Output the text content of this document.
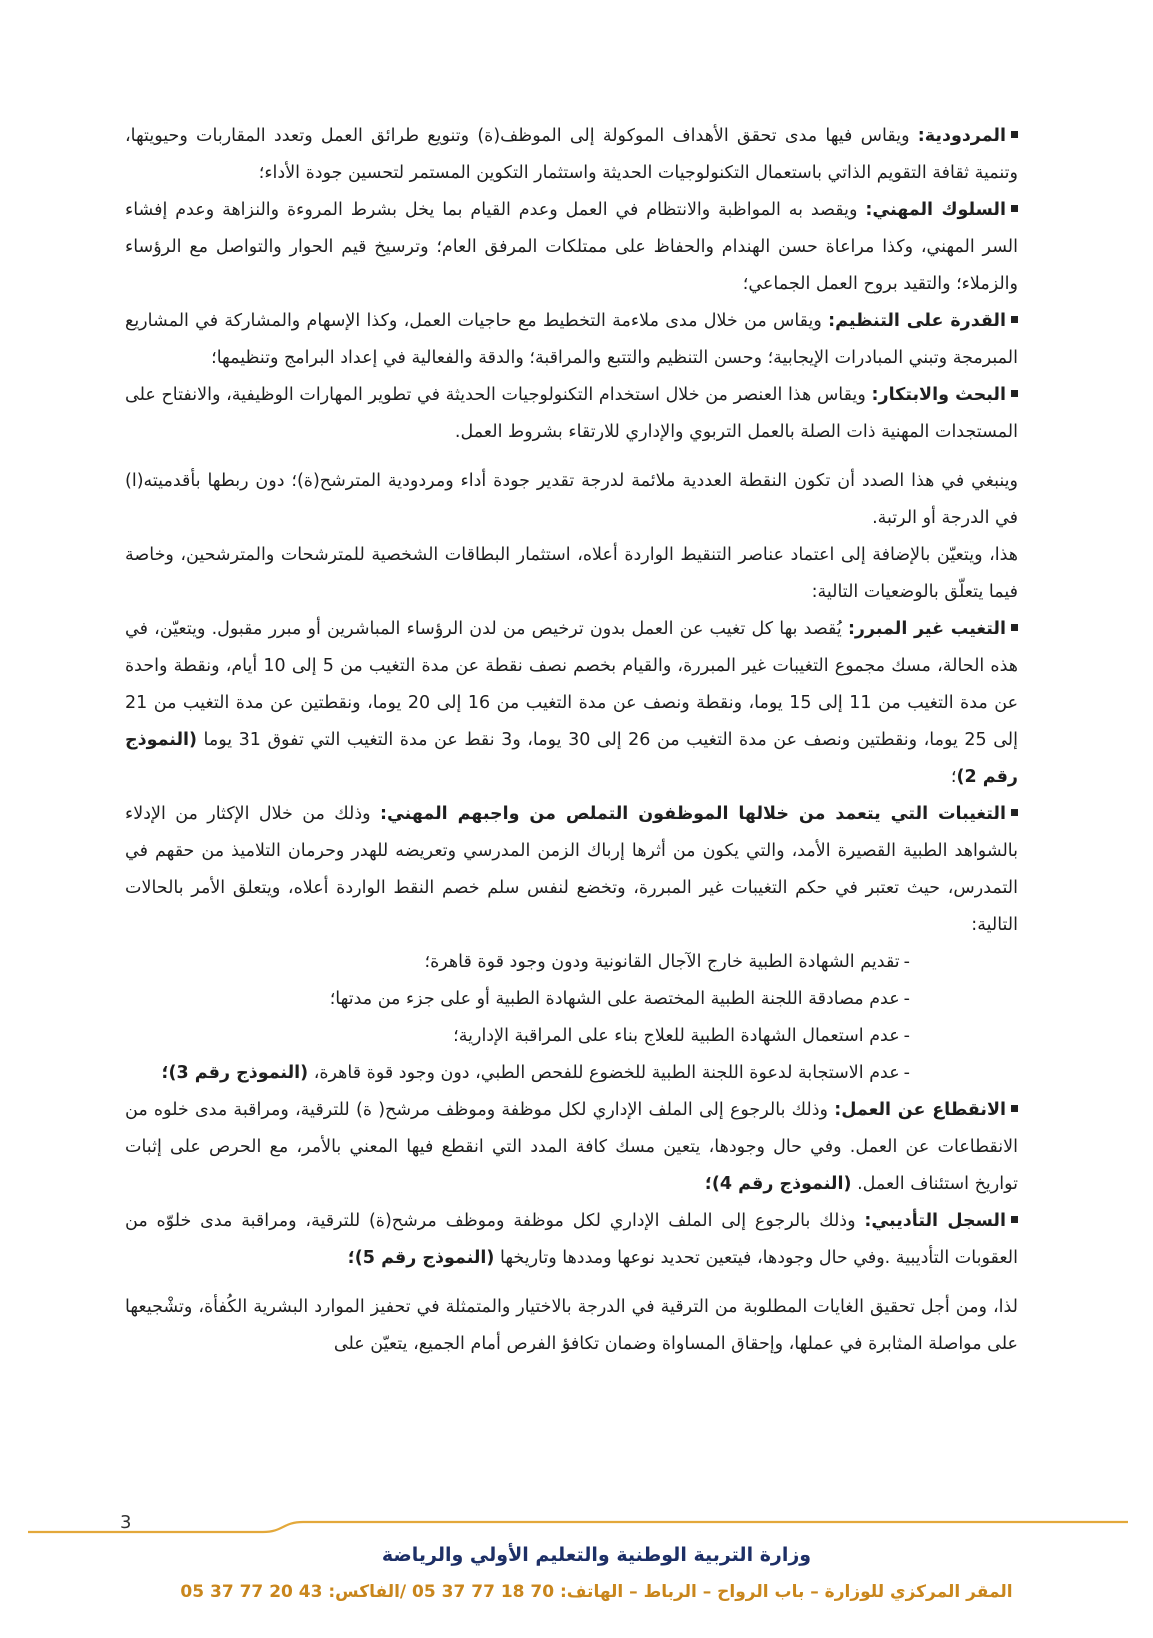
المردودية: ويقاس فيها مدى تحقق الأهداف الموكولة إلى الموظف(ة) وتنويع طرائق العمل وتعدد المقاربات وحيويتها، وتنمية ثقافة التقويم الذاتي باستعمال التكنولوجيات الحديثة واستثمار التكوين المستمر لتحسين جودة الأداء؛

السلوك المهني: ويقصد به المواظبة والانتظام في العمل وعدم القيام بما يخل بشرط المروءة والنزاهة وعدم إفشاء السر المهني، وكذا مراعاة حسن الهندام والحفاظ على ممتلكات المرفق العام؛ وترسيخ قيم الحوار والتواصل مع الرؤساء والزملاء؛ والتقيد بروح العمل الجماعي؛

القدرة على التنظيم: ويقاس من خلال مدى ملاءمة التخطيط مع حاجيات العمل، وكذا الإسهام والمشاركة في المشاريع المبرمجة وتبني المبادرات الإيجابية؛ وحسن التنظيم والتتبع والمراقبة؛ والدقة والفعالية في إعداد البرامج وتنظيمها؛

البحث والابتكار: ويقاس هذا العنصر من خلال استخدام التكنولوجيات الحديثة في تطوير المهارات الوظيفية، والانفتاح على المستجدات المهنية ذات الصلة بالعمل التربوي والإداري للارتقاء بشروط العمل.

وينبغي في هذا الصدد أن تكون النقطة العددية ملائمة لدرجة تقدير جودة أداء ومردودية المترشح(ة)؛ دون ربطها بأقدميته(ا) في الدرجة أو الرتبة.

هذا، ويتعيّن بالإضافة إلى اعتماد عناصر التنقيط الواردة أعلاه، استثمار البطاقات الشخصية للمترشحات والمترشحين، وخاصة فيما يتعلّق بالوضعيات التالية:

التغيب غير المبرر: يُقصد بها كل تغيب عن العمل بدون ترخيص من لدن الرؤساء المباشرين أو مبرر مقبول. ويتعيّن، في هذه الحالة، مسك مجموع التغيبات غير المبررة، والقيام بخصم نصف نقطة عن مدة التغيب من 5 إلى 10 أيام، ونقطة واحدة عن مدة التغيب من 11 إلى 15 يوما، ونقطة ونصف عن مدة التغيب من 16 إلى 20 يوما، ونقطتين عن مدة التغيب من 21 إلى 25 يوما، ونقطتين ونصف عن مدة التغيب من 26 إلى 30 يوما، و3 نقط عن مدة التغيب التي تفوق 31 يوما (النموذج رقم 2)؛

التغيبات التي يتعمد من خلالها الموظفون التملص من واجبهم المهني: وذلك من خلال الإكثار من الإدلاء بالشواهد الطبية القصيرة الأمد، والتي يكون من أثرها إرباك الزمن المدرسي وتعريضه للهدر وحرمان التلاميذ من حقهم في التمدرس، حيث تعتبر في حكم التغيبات غير المبررة، وتخضع لنفس سلم خصم النقط الواردة أعلاه، ويتعلق الأمر بالحالات التالية:

-تقديم الشهادة الطبية خارج الآجال القانونية ودون وجود قوة قاهرة؛
-عدم مصادقة اللجنة الطبية المختصة على الشهادة الطبية أو على جزء من مدتها؛
-عدم استعمال الشهادة الطبية للعلاج بناء على المراقبة الإدارية؛
-عدم الاستجابة لدعوة اللجنة الطبية للخضوع للفحص الطبي، دون وجود قوة قاهرة، (النموذج رقم 3)؛

الانقطاع عن العمل: وذلك بالرجوع إلى الملف الإداري لكل موظفة وموظف مرشح( ة) للترقية، ومراقبة مدى خلوه من الانقطاعات عن العمل. وفي حال وجودها، يتعين مسك كافة المدد التي انقطع فيها المعني بالأمر، مع الحرص على إثبات تواريخ استئناف العمل. (النموذج رقم 4)؛

السجل التأديبي: وذلك بالرجوع إلى الملف الإداري لكل موظفة وموظف مرشح(ة) للترقية، ومراقبة مدى خلوّه من العقوبات التأديبية .وفي حال وجودها، فيتعين تحديد نوعها ومددها وتاريخها (النموذج رقم 5)؛

لذا، ومن أجل تحقيق الغايات المطلوبة من الترقية في الدرجة بالاختيار والمتمثلة في تحفيز الموارد البشرية الكُفأة، وتشْجيعها على مواصلة المثابرة في عملها، وإحقاق المساواة وضمان تكافؤ الفرص أمام الجميع، يتعيّن على

3
وزارة التربية الوطنية والتعليم الأولي والرياضة
المقر المركزي للوزارة – باب الرواح – الرباط – الهاتف: 70 18 77 37 05 /الفاكس: 43 20 77 37 05
